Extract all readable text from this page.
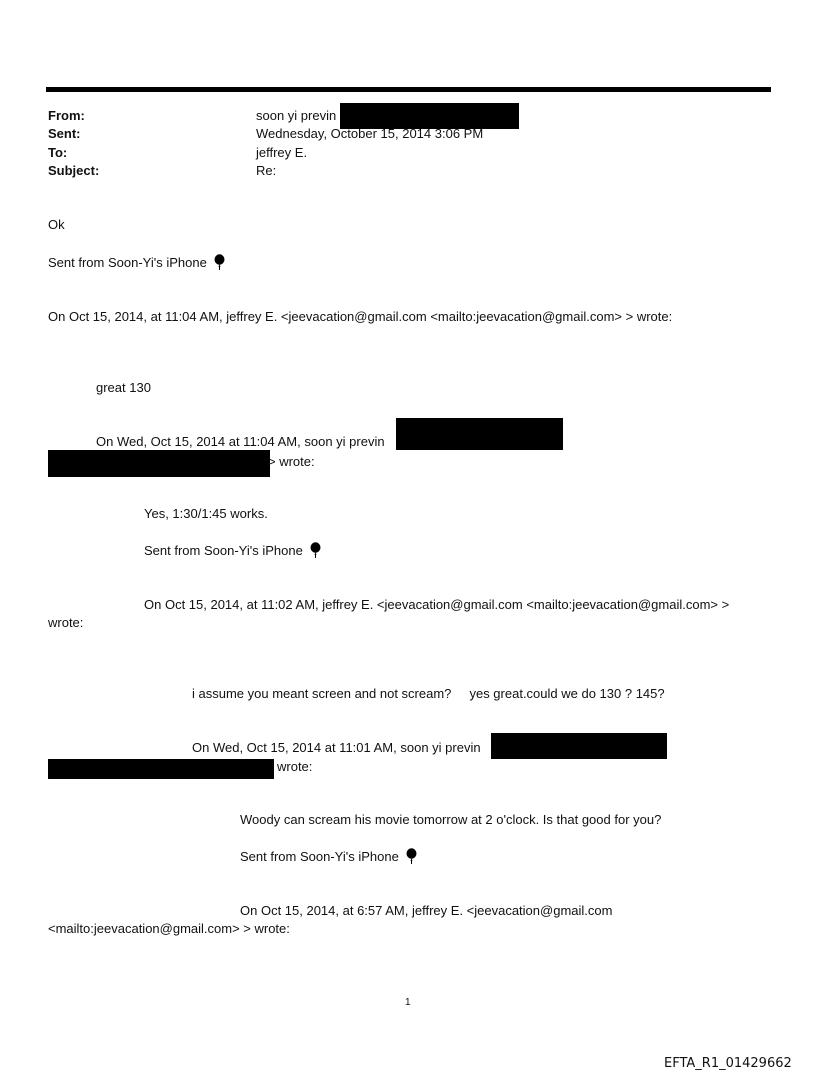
From:	soon yi previn
Sent:	Wednesday, October 15, 2014 3:06 PM
To:	jeffrey E.
Subject:	Re:
Ok
Sent from Soon-Yi's iPhone
On Oct 15, 2014, at 11:04 AM, jeffrey E. <jeevacation@gmail.com <mailto:jeevacation@gmail.com> > wrote:
great 130
On Wed, Oct 15, 2014 at 11:04 AM, soon yi previn
> wrote:
Yes, 1:30/1:45 works.
Sent from Soon-Yi's iPhone
On Oct 15, 2014, at 11:02 AM, jeffrey E. <jeevacation@gmail.com <mailto:jeevacation@gmail.com> >
wrote:
i assume you meant screen and not scream?     yes great.could we do 130 ? 145?
On Wed, Oct 15, 2014 at 11:01 AM, soon yi previn
wrote:
Woody can scream his movie tomorrow at 2 o'clock. Is that good for you?
Sent from Soon-Yi's iPhone
On Oct 15, 2014, at 6:57 AM, jeffrey E. <jeevacation@gmail.com
<mailto:jeevacation@gmail.com> > wrote:
1
EFTA_R1_01429662
